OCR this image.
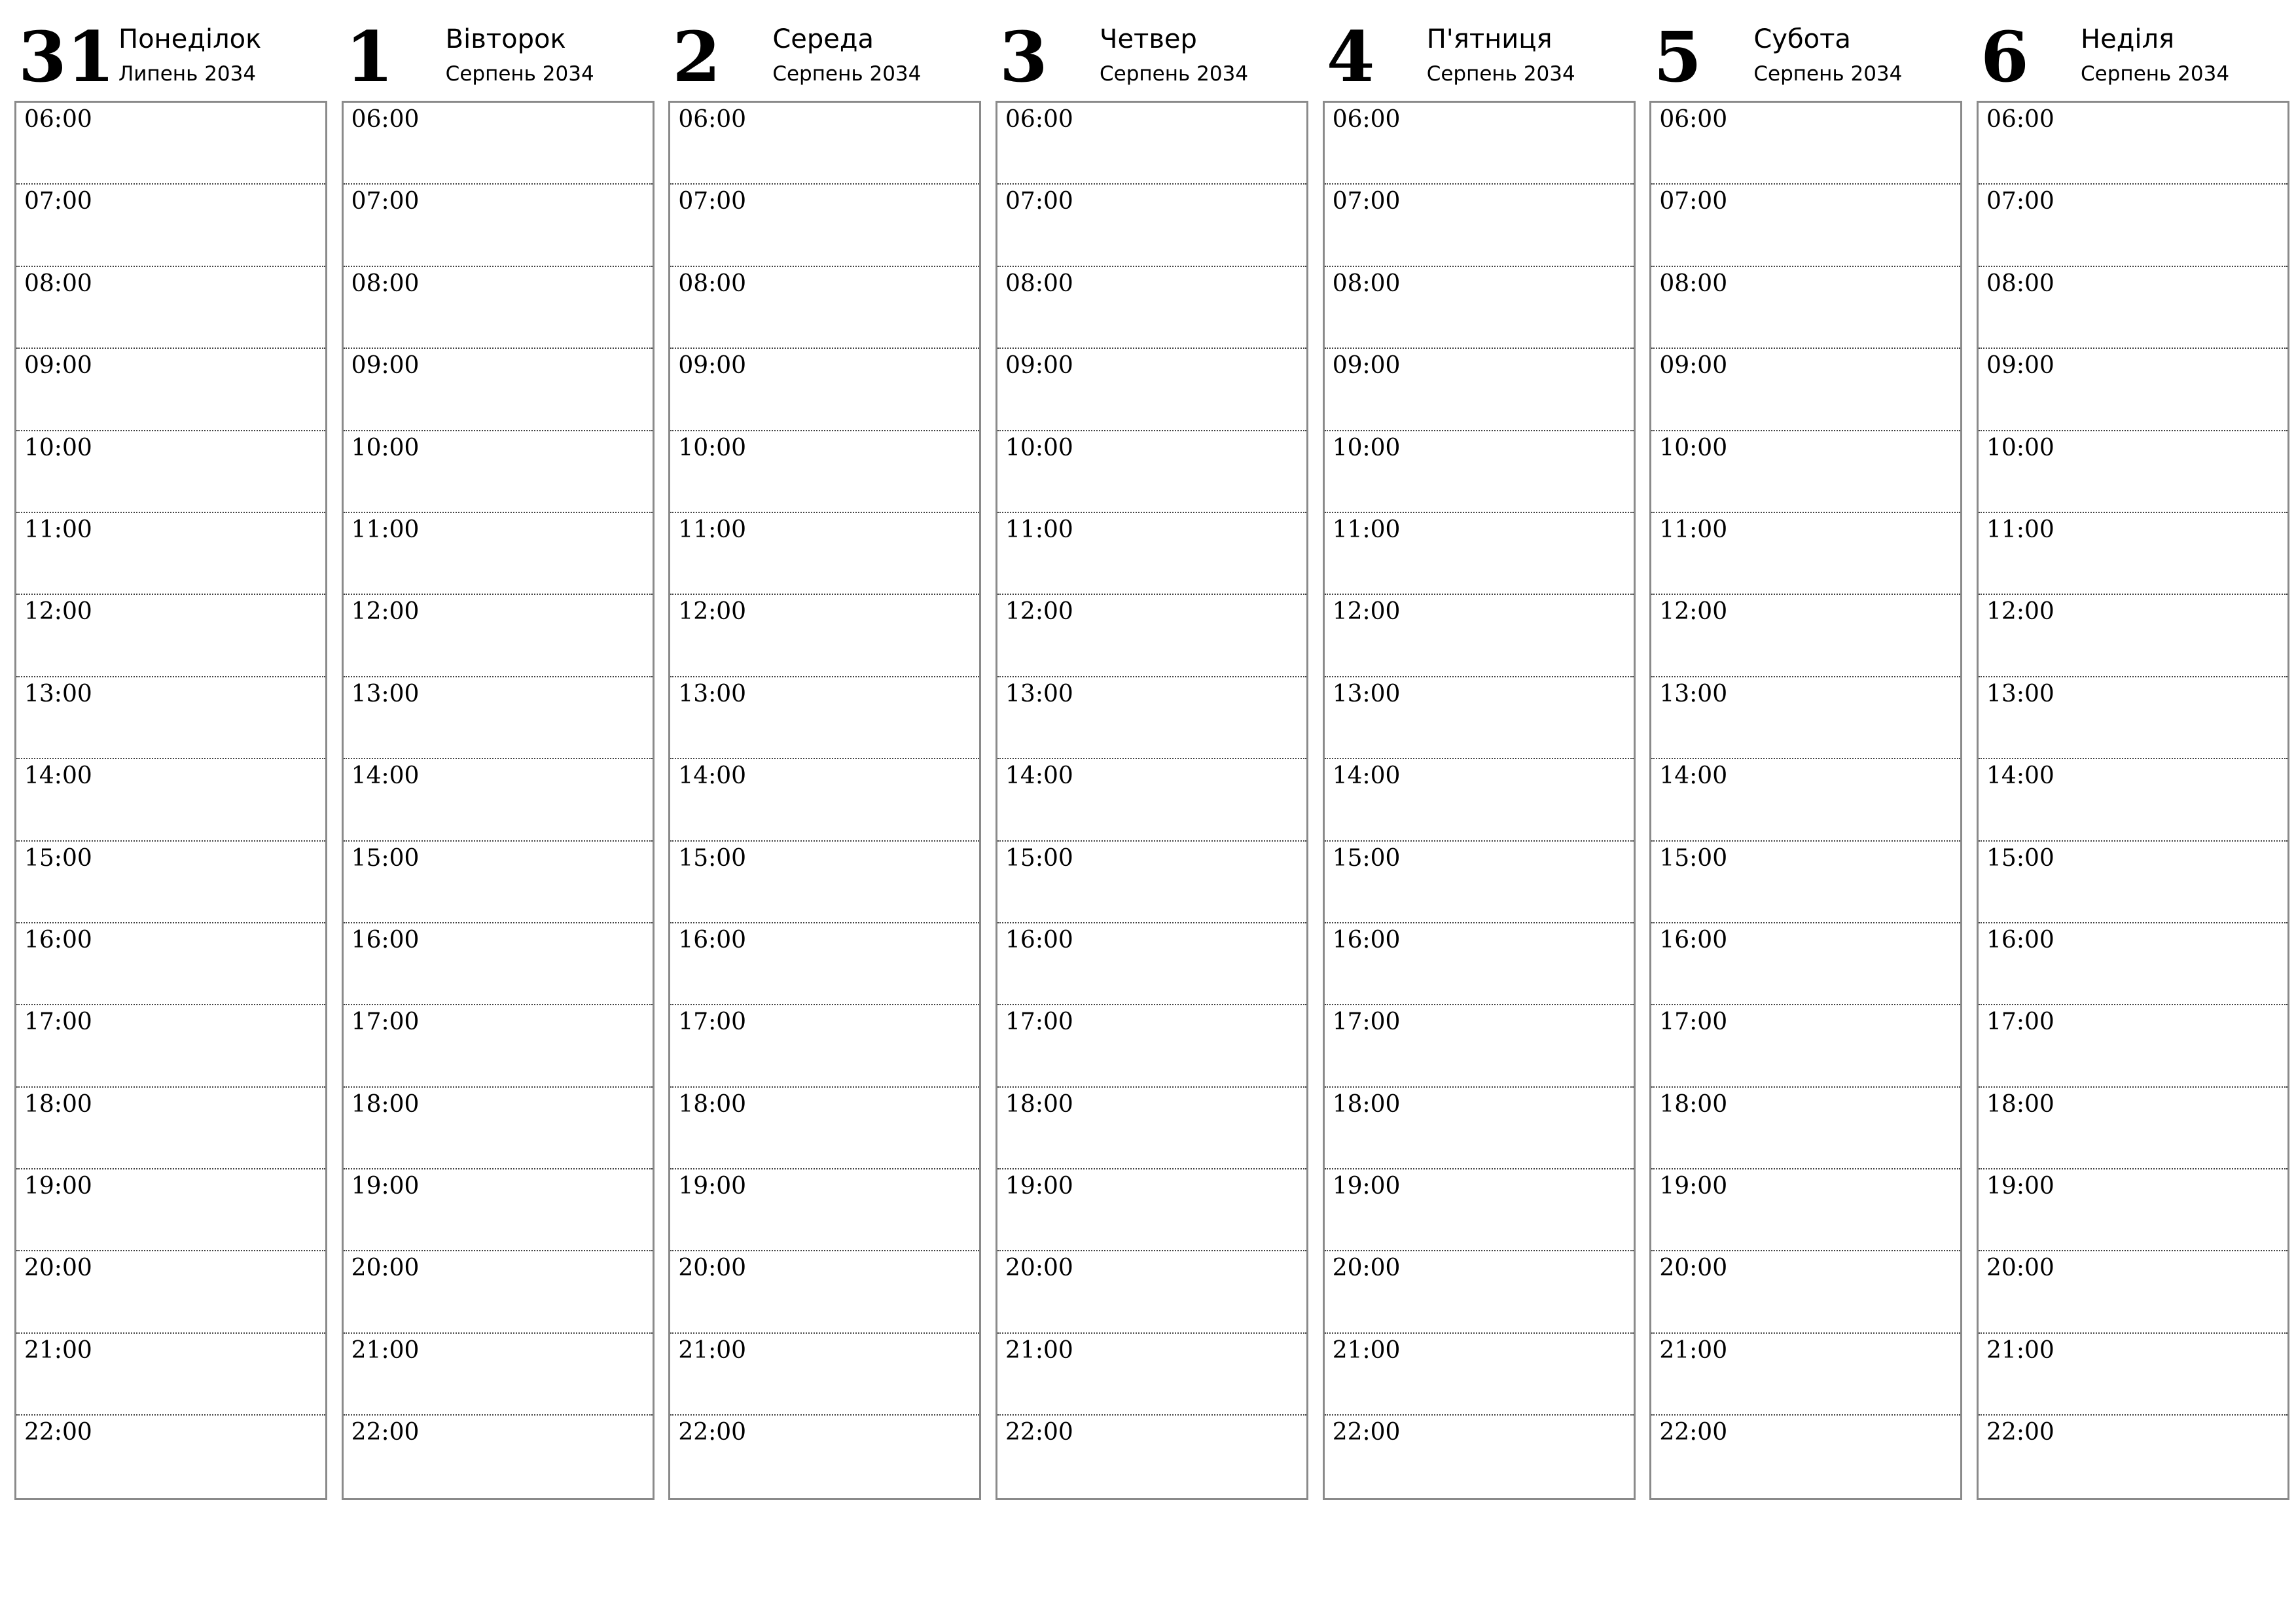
31 Понеділок
Липень 2034
06:00
07:00
08:00
09:00
10:00
11:00
12:00
13:00
14:00
15:00
16:00
17:00
18:00
19:00
20:00
21:00
22:00
1 Вівторок
Серпень 2034
06:00
07:00
08:00
09:00
10:00
11:00
12:00
13:00
14:00
15:00
16:00
17:00
18:00
19:00
20:00
21:00
22:00
2 Середа
Серпень 2034
06:00
07:00
08:00
09:00
10:00
11:00
12:00
13:00
14:00
15:00
16:00
17:00
18:00
19:00
20:00
21:00
22:00
3 Четвер
Серпень 2034
06:00
07:00
08:00
09:00
10:00
11:00
12:00
13:00
14:00
15:00
16:00
17:00
18:00
19:00
20:00
21:00
22:00
4 П'ятниця
Серпень 2034
06:00
07:00
08:00
09:00
10:00
11:00
12:00
13:00
14:00
15:00
16:00
17:00
18:00
19:00
20:00
21:00
22:00
5 Субота
Серпень 2034
06:00
07:00
08:00
09:00
10:00
11:00
12:00
13:00
14:00
15:00
16:00
17:00
18:00
19:00
20:00
21:00
22:00
6 Неділя
Серпень 2034
06:00
07:00
08:00
09:00
10:00
11:00
12:00
13:00
14:00
15:00
16:00
17:00
18:00
19:00
20:00
21:00
22:00
